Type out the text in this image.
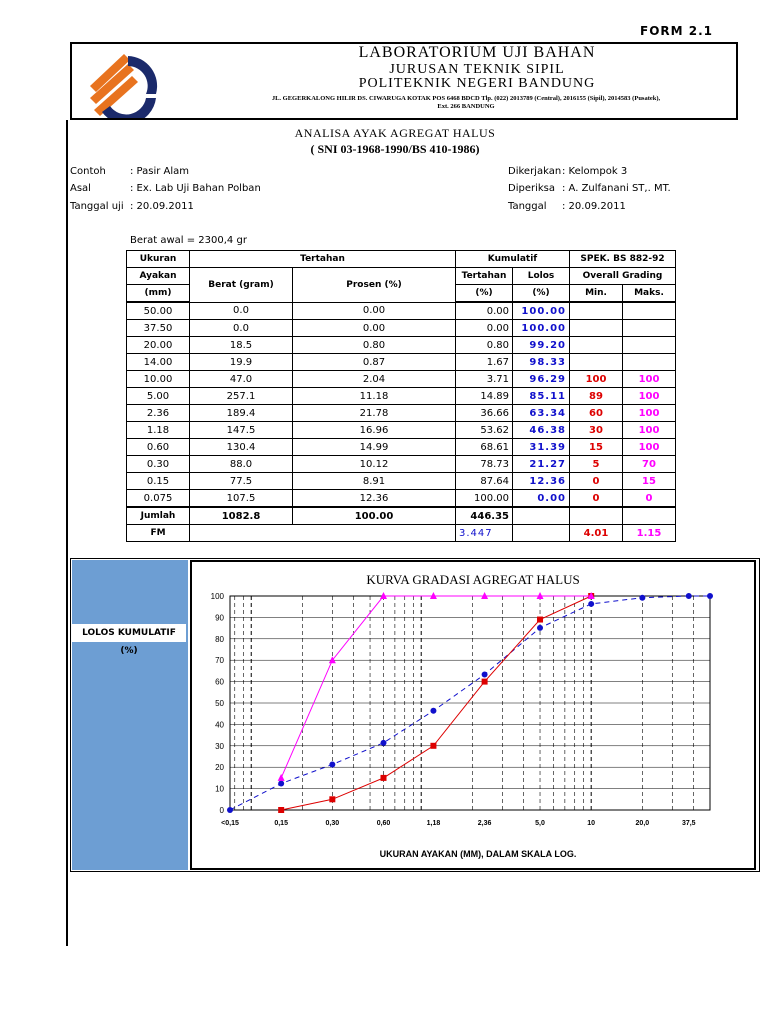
FORM 2.1
LABORATORIUM UJI BAHAN
JURUSAN TEKNIK SIPIL
POLITEKNIK NEGERI BANDUNG
JL. GEGERKALONG HILIR DS. CIWARUGA KOTAK POS 6468 BDCD Tlp. (022) 2013789 (Central), 2016155 (Sipil), 2014583 (Pusatek),
Ext. 266 BANDUNG
ANALISA AYAK AGREGAT HALUS
( SNI 03-1968-1990/BS 410-1986)
Contoh : Pasir Alam
Asal	: Ex. Lab Uji Bahan Polban
Tanggal uji : 20.09.2011
Dikerjakan : Kelompok 3
Diperiksa : A. Zulfanani ST,. MT.
Tanggal : 20.09.2011
Berat awal = 2300,4 gr
Ukuran	Tertahan		Kumulatif		SPEK. BS 882-92	
Ayakan	Berat (gram)	Prosen (%)	Tertahan	Lolos	Overall Grading	
(mm)			(%)	(%)	Min.	Maks.
50.00	0.0	0.00	0.00	100.00		
37.50	0.0	0.00	0.00	100.00		
20.00	18.5	0.80	0.80	99.20		
14.00	19.9	0.87	1.67	98.33		
10.00	47.0	2.04	3.71	96.29	100	100
5.00	257.1	11.18	14.89	85.11	89	100
2.36	189.4	21.78	36.66	63.34	60	100
1.18	147.5	16.96	53.62	46.38	30	100
0.60	130.4	14.99	68.61	31.39	15	100
0.30	88.0	10.12	78.73	21.27	5	70
0.15	77.5	8.91	87.64	12.36	0	15
0.075	107.5	12.36	100.00	0.00	0	0
Jumlah	1082.8	100.00	446.35			
FM			3.447		4.01	1.15
LOLOS KUMULATIF (%)
KURVA GRADASI AGREGAT HALUS
UKURAN AYAKAN (MM), DALAM SKALA LOG.
0
10
20
30
40
50
60
70
80
90
100
<0,15	0,15	0,30	0,60	1,18	2,36	5,0	10	20,0	37,5
